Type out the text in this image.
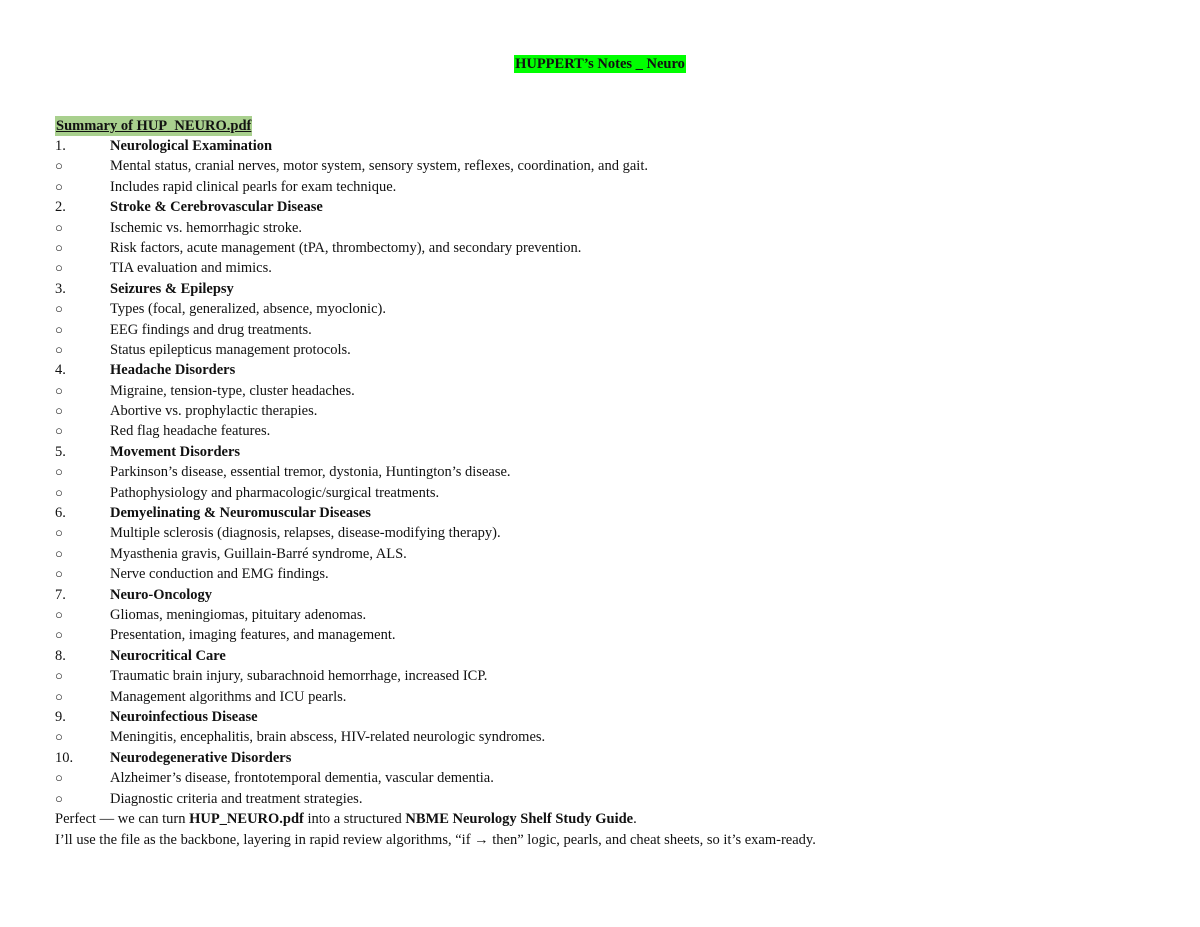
HUPPERT’s Notes _ Neuro
Summary of HUP_NEURO.pdf
1.	Neurological Examination
○	Mental status, cranial nerves, motor system, sensory system, reflexes, coordination, and gait.
○	Includes rapid clinical pearls for exam technique.
2.	Stroke & Cerebrovascular Disease
○	Ischemic vs. hemorrhagic stroke.
○	Risk factors, acute management (tPA, thrombectomy), and secondary prevention.
○	TIA evaluation and mimics.
3.	Seizures & Epilepsy
○	Types (focal, generalized, absence, myoclonic).
○	EEG findings and drug treatments.
○	Status epilepticus management protocols.
4.	Headache Disorders
○	Migraine, tension-type, cluster headaches.
○	Abortive vs. prophylactic therapies.
○	Red flag headache features.
5.	Movement Disorders
○	Parkinson’s disease, essential tremor, dystonia, Huntington’s disease.
○	Pathophysiology and pharmacologic/surgical treatments.
6.	Demyelinating & Neuromuscular Diseases
○	Multiple sclerosis (diagnosis, relapses, disease-modifying therapy).
○	Myasthenia gravis, Guillain-Barré syndrome, ALS.
○	Nerve conduction and EMG findings.
7.	Neuro-Oncology
○	Gliomas, meningiomas, pituitary adenomas.
○	Presentation, imaging features, and management.
8.	Neurocritical Care
○	Traumatic brain injury, subarachnoid hemorrhage, increased ICP.
○	Management algorithms and ICU pearls.
9.	Neuroinfectious Disease
○	Meningitis, encephalitis, brain abscess, HIV-related neurologic syndromes.
10.	Neurodegenerative Disorders
○	Alzheimer’s disease, frontotemporal dementia, vascular dementia.
○	Diagnostic criteria and treatment strategies.
Perfect — we can turn HUP_NEURO.pdf into a structured NBME Neurology Shelf Study Guide.
I’ll use the file as the backbone, layering in rapid review algorithms, “if → then” logic, pearls, and cheat sheets, so it’s exam-ready.
